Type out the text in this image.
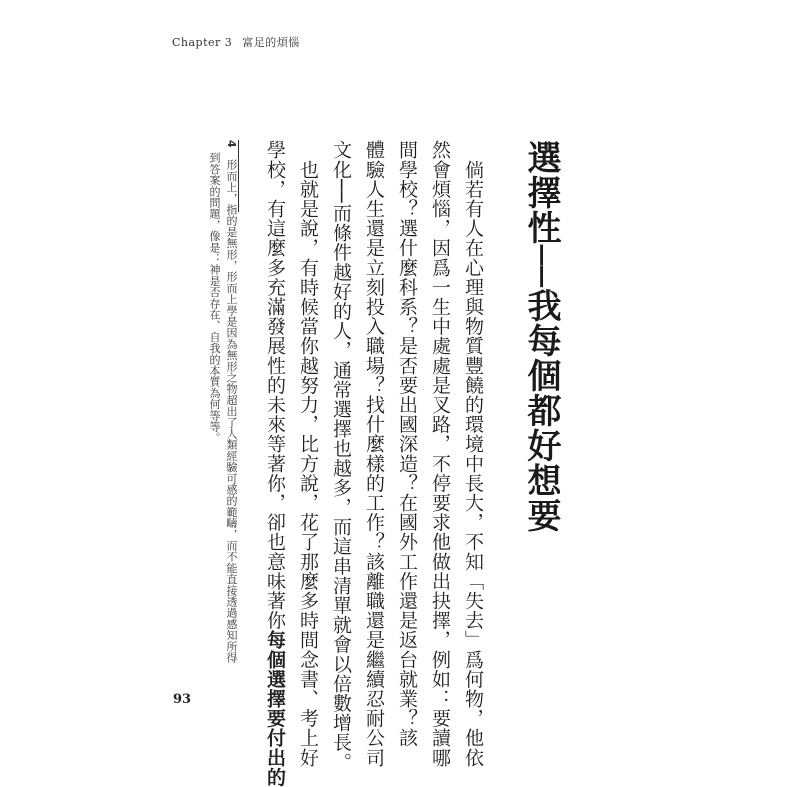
Chapter 3 富足的煩惱
選擇性──我每個都好想要
　倘若有人在心理與物質豐饒的環境中長大，不知「失去」爲何物，他依
然會煩惱，因爲一生中處處是叉路，不停要求他做出抉擇，例如：要讀哪
間學校？選什麼科系？是否要出國深造？在國外工作還是返台就業？該
體驗人生還是立刻投入職場？找什麼樣的工作？該離職還是繼續忍耐公司
文化──而條件越好的人，通常選擇也越多，而這串清單就會以倍數增長。
　也就是說，有時候當你越努力，比方說，花了那麼多時間念書、考上好
學校，有這麼多充滿發展性的未來等著你，卻也意味著你每個選擇要付出的
4　形而上，指的是無形，形而上學是因為無形之物超出了人類經驗可感的範疇，而不能直接透過感知所得
到答案的問題，像是：神是否存在、自我的本質為何等等。
93
